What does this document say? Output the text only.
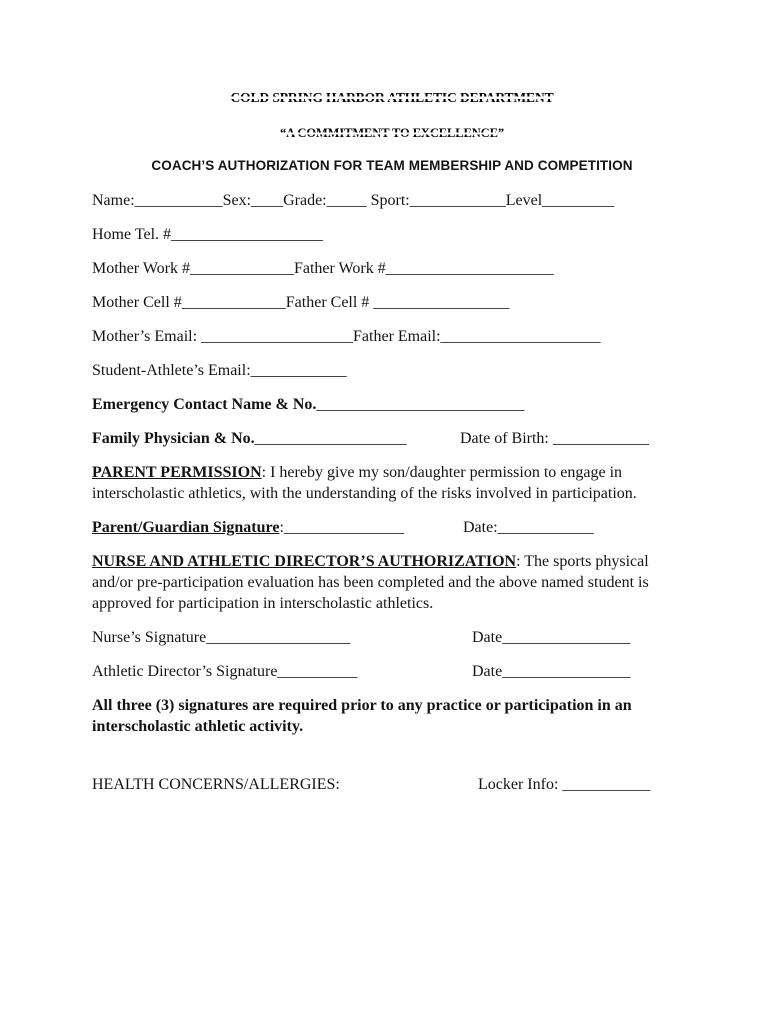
COLD SPRING HARBOR ATHLETIC DEPARTMENT
“A COMMITMENT TO EXCELLENCE”
COACH’S AUTHORIZATION FOR TEAM MEMBERSHIP AND COMPETITION

Name:___________Sex:____Grade:_____ Sport:____________Level_________

Home Tel. #___________________

Mother Work #_____________Father Work #_____________________

Mother Cell #_____________Father Cell # _________________

Mother’s Email: ___________________Father Email:____________________

Student-Athlete’s Email:____________

Emergency Contact Name & No.__________________________

Family Physician & No.___________________	Date of Birth: ____________

PARENT PERMISSION: I hereby give my son/daughter permission to engage in interscholastic athletics, with the understanding of the risks involved in participation.

Parent/Guardian Signature:_______________	Date:____________

NURSE AND ATHLETIC DIRECTOR’S AUTHORIZATION: The sports physical and/or pre-participation evaluation has been completed and the above named student is approved for participation in interscholastic athletics.

Nurse’s Signature__________________	Date________________

Athletic Director’s Signature__________	Date________________

All three (3) signatures are required prior to any practice or participation in an interscholastic athletic activity.

HEALTH CONCERNS/ALLERGIES:	Locker Info: ___________
